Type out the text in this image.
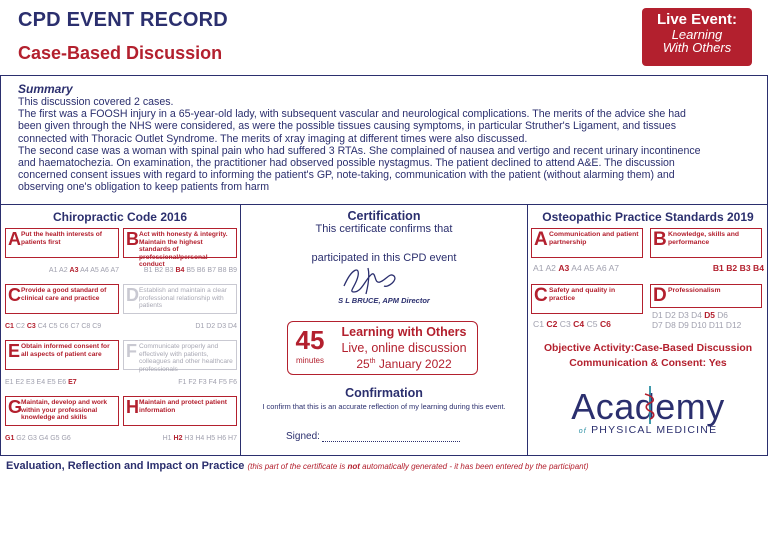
CPD EVENT RECORD
Case-Based Discussion
Live Event:
Learning
With Others
Summary
This discussion covered 2 cases.
The first was a FOOSH injury in a 65-year-old lady, with subsequent vascular and neurological complications. The merits of the advice she had
been given through the NHS were considered, as were the possible tissues causing symptoms, in particular Struther's Ligament, and tissues
connected with Thoracic Outlet Syndrome. The merits of xray imaging at different times were also discussed.
The second case was a woman with spinal pain who had suffered 3 RTAs. She complained of nausea and vertigo and recent urinary incontinence
and haematochezia. On examination, the practitioner had observed possible nystagmus. The patient declined to attend A&E. The discussion
concerned consent issues with regard to informing the patient's GP, note-taking, communication with the patient (without alarming them) and
observing one's obligation to keep patients from harm
Chiropractic Code 2016
A Put the health interests of patients first
A1 A2 A3 A4 A5 A6 A7
B Act with honesty & integrity. Maintain the highest standards of professional/personal conduct
B1 B2 B3 B4 B5 B6 B7 B8 B9
C Provide a good standard of clinical care and practice
C1 C2 C3 C4 C5 C6 C7 C8 C9
D Establish and maintain a clear professional relationship with patients
D1 D2 D3 D4
E Obtain informed consent for all aspects of patient care
E1 E2 E3 E4 E5 E6 E7
F Communicate properly and effectively with patients, colleagues and other healthcare professionals
F1 F2 F3 F4 F5 F6
G
Maintain, develop and work within your professional knowledge and skills
G1 G2 G3 G4 G5 G6
H Maintain and protect patient information
H1 H2 H3 H4 H5 H6 H7
Certification
This certificate confirms that
participated in this CPD event
S L BRUCE, APM Director
45
minutes
Learning with Others
Live, online discussion
25th January 2022
Confirmation
I confirm that this is an accurate reflection of my learning during this event.
Signed:
Osteopathic Practice Standards 2019
A Communication and patient partnership
A1 A2 A3 A4 A5 A6 A7
B Knowledge, skills and performance
B1 B2 B3 B4
C Safety and quality in practice
C1 C2 C3 C4 C5 C6
D Professionalism
D1 D2 D3 D4 D5 D6
D7 D8 D9 D10 D11 D12
Objective Activity:Case-Based Discussion
Communication & Consent: Yes
Academy
of PHYSICAL MEDICINE
Evaluation, Reflection and Impact on Practice (this part of the certificate is not automatically generated - it has been entered by the participant)
